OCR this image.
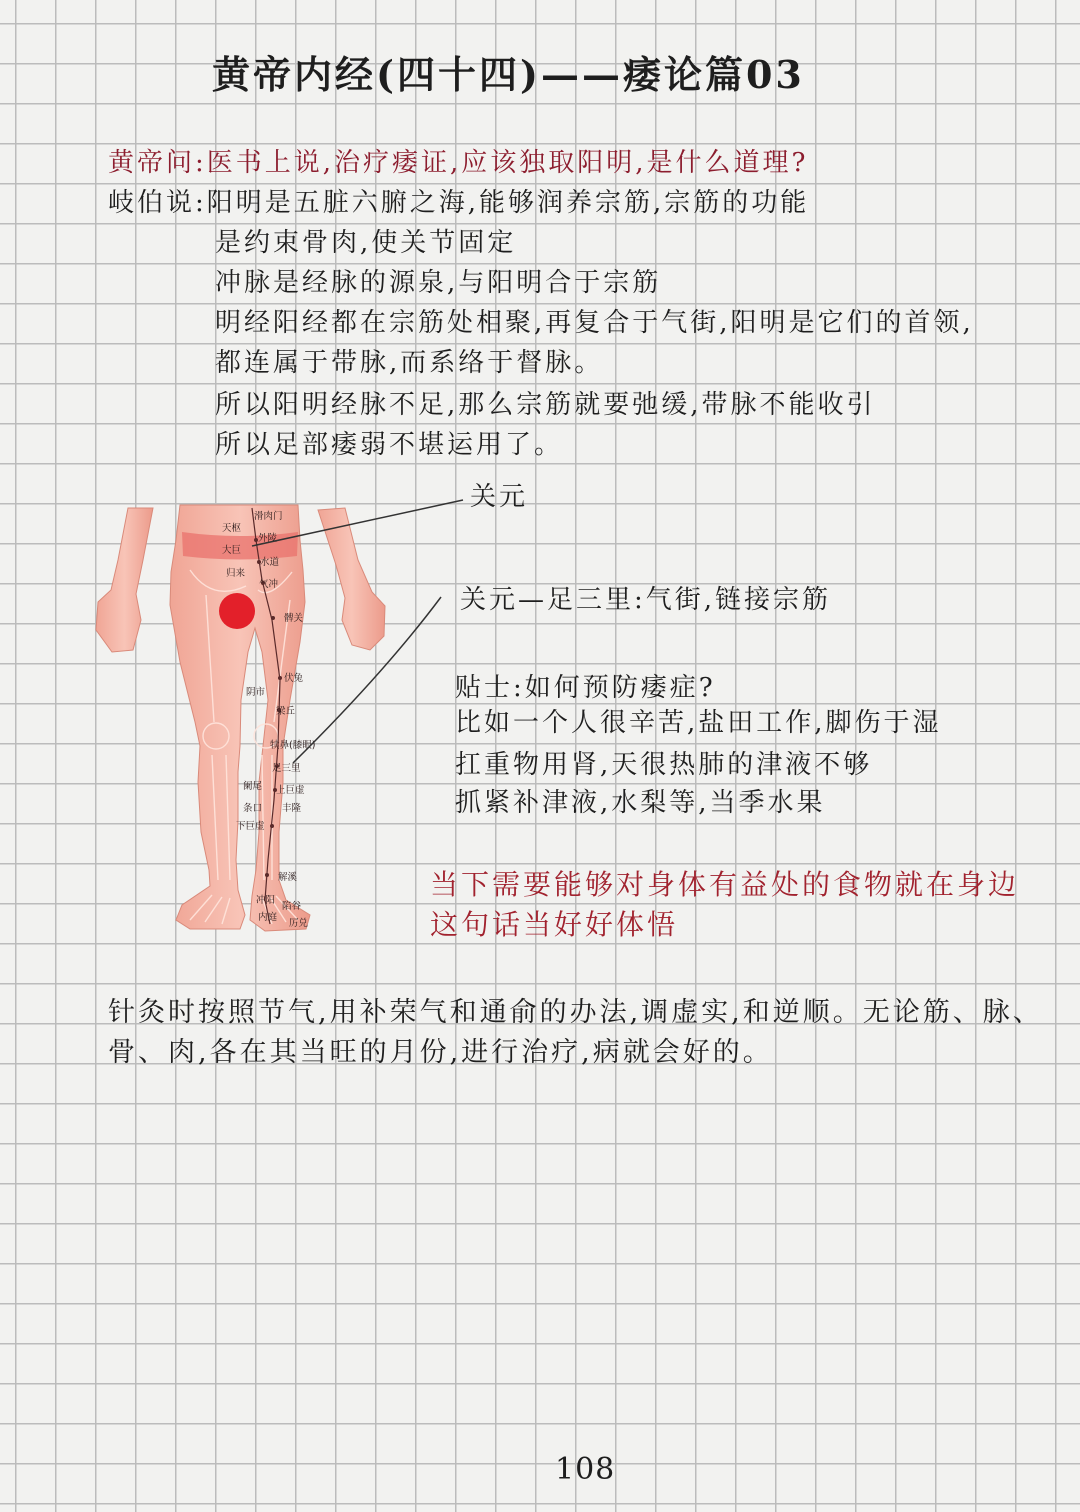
天枢
滑肉门
外陵
大巨
水道
归来
气冲
髀关
伏兔
阴市
梁丘
犊鼻(膝眼)
足三里
阑尾 上巨虚
条口 丰隆
下巨虚
解溪
冲阳
陷谷
内庭
厉兑
黄帝内经(四十四)——痿论篇03
黄帝问:医书上说,治疗痿证,应该独取阳明,是什么道理?
岐伯说:阳明是五脏六腑之海,能够润养宗筋,宗筋的功能
是约束骨肉,使关节固定
冲脉是经脉的源泉,与阳明合于宗筋
明经阳经都在宗筋处相聚,再复合于气街,阳明是它们的首领,
都连属于带脉,而系络于督脉。
所以阳明经脉不足,那么宗筋就要弛缓,带脉不能收引
所以足部痿弱不堪运用了。
关元
关元—足三里:气街,链接宗筋
贴士:如何预防痿症?
比如一个人很辛苦,盐田工作,脚伤于湿
扛重物用肾,天很热肺的津液不够
抓紧补津液,水梨等,当季水果
当下需要能够对身体有益处的食物就在身边
这句话当好好体悟
针灸时按照节气,用补荣气和通俞的办法,调虚实,和逆顺。无论筋、脉、
骨、肉,各在其当旺的月份,进行治疗,病就会好的。
108
